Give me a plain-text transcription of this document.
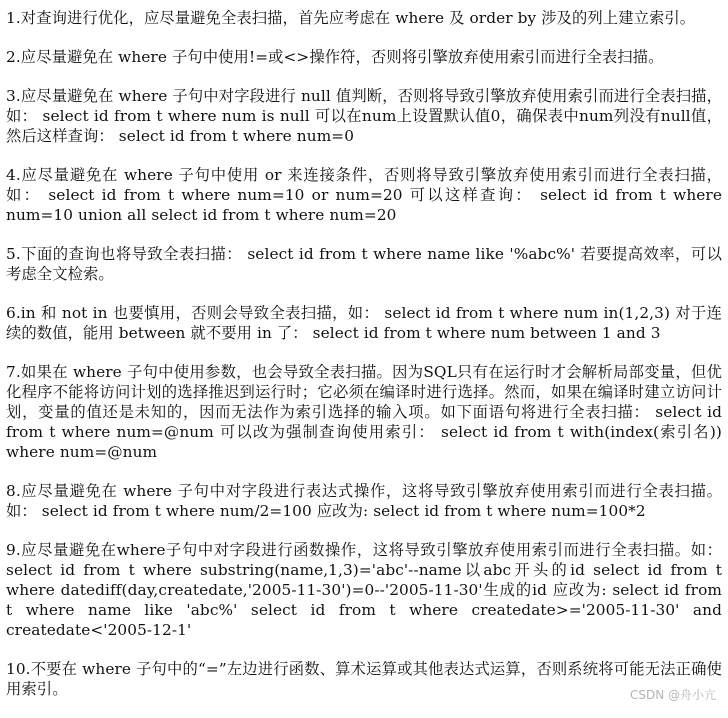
1.对查询进行优化，应尽量避免全表扫描，首先应考虑在 where 及 order by 涉及的列上建立索引。

2.应尽量避免在 where 子句中使用!=或<>操作符，否则将引擎放弃使用索引而进行全表扫描。

3.应尽量避免在 where 子句中对字段进行 null 值判断，否则将导致引擎放弃使用索引而进行全表扫描，如： select id from t where num is null 可以在num上设置默认值0，确保表中num列没有null值，然后这样查询： select id from t where num=0

4.应尽量避免在 where 子句中使用 or 来连接条件，否则将导致引擎放弃使用索引而进行全表扫描，如： select id from t where num=10 or num=20 可以这样查询： select id from t where num=10 union all select id from t where num=20

5.下面的查询也将导致全表扫描： select id from t where name like '%abc%' 若要提高效率，可以考虑全文检索。

6.in 和 not in 也要慎用，否则会导致全表扫描，如： select id from t where num in(1,2,3) 对于连续的数值，能用 between 就不要用 in 了： select id from t where num between 1 and 3

7.如果在 where 子句中使用参数，也会导致全表扫描。因为SQL只有在运行时才会解析局部变量，但优化程序不能将访问计划的选择推迟到运行时；它必须在编译时进行选择。然而，如果在编译时建立访问计划，变量的值还是未知的，因而无法作为索引选择的输入项。如下面语句将进行全表扫描： select id from t where num=@num 可以改为强制查询使用索引： select id from t with(index(索引名)) where num=@num

8.应尽量避免在 where 子句中对字段进行表达式操作，这将导致引擎放弃使用索引而进行全表扫描。如： select id from t where num/2=100 应改为: select id from t where num=100*2

9.应尽量避免在where子句中对字段进行函数操作，这将导致引擎放弃使用索引而进行全表扫描。如： select id from t where substring(name,1,3)='abc'--name以abc开头的id select id from t where datediff(day,createdate,'2005-11-30')=0--'2005-11-30'生成的id 应改为: select id from t where name like 'abc%' select id from t where createdate>='2005-11-30' and createdate<'2005-12-1'

10.不要在 where 子句中的“=”左边进行函数、算术运算或其他表达式运算，否则系统将可能无法正确使用索引。	CSDN @舟小亢
